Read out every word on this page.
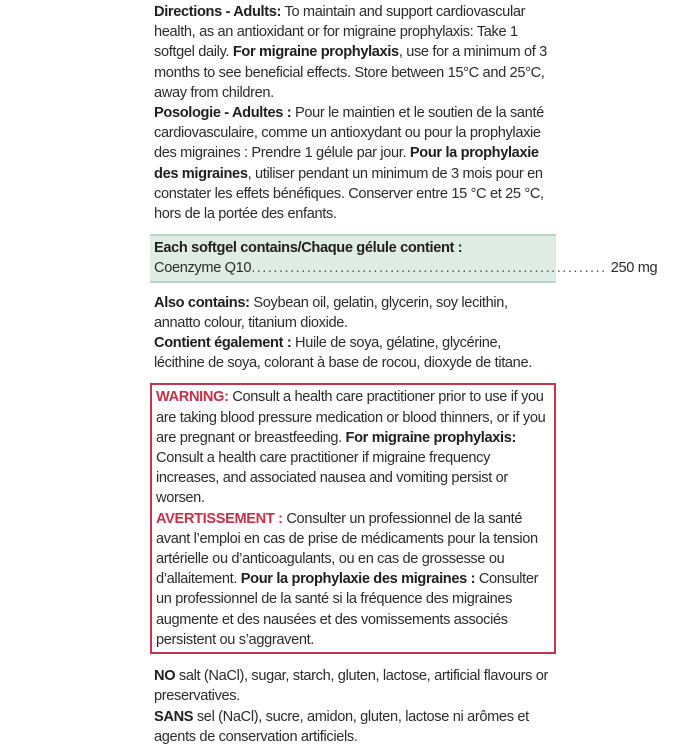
Directions - Adults: To maintain and support cardiovascular health, as an antioxidant or for migraine prophylaxis: Take 1 softgel daily. For migraine prophylaxis, use for a minimum of 3 months to see beneficial effects. Store between 15°C and 25°C, away from children.

Posologie - Adultes : Pour le maintien et le soutien de la santé cardiovasculaire, comme un antioxydant ou pour la prophylaxie des migraines : Prendre 1 gélule par jour. Pour la prophylaxie des migraines, utiliser pendant un minimum de 3 mois pour en constater les effets bénéfiques. Conserver entre 15 °C et 25 °C, hors de la portée des enfants.

Each softgel contains/Chaque gélule contient :

Coenzyme Q10 ................................................................ 250 mg

Also contains: Soybean oil, gelatin, glycerin, soy lecithin, annatto colour, titanium dioxide.

Contient également : Huile de soya, gélatine, glycérine, lécithine de soya, colorant à base de rocou, dioxyde de titane.

WARNING: Consult a health care practitioner prior to use if you are taking blood pressure medication or blood thinners, or if you are pregnant or breastfeeding. For migraine prophylaxis: Consult a health care practitioner if migraine frequency increases, and associated nausea and vomiting persist or worsen.

AVERTISSEMENT : Consulter un professionnel de la santé avant l’emploi en cas de prise de médicaments pour la tension artérielle ou d’anticoagulants, ou en cas de grossesse ou d’allaitement. Pour la prophylaxie des migraines : Consulter un professionnel de la santé si la fréquence des migraines augmente et des nausées et des vomissements associés persistent ou s’aggravent.

NO salt (NaCl), sugar, starch, gluten, lactose, artificial flavours or preservatives.

SANS sel (NaCl), sucre, amidon, gluten, lactose ni arômes et agents de conservation artificiels.
